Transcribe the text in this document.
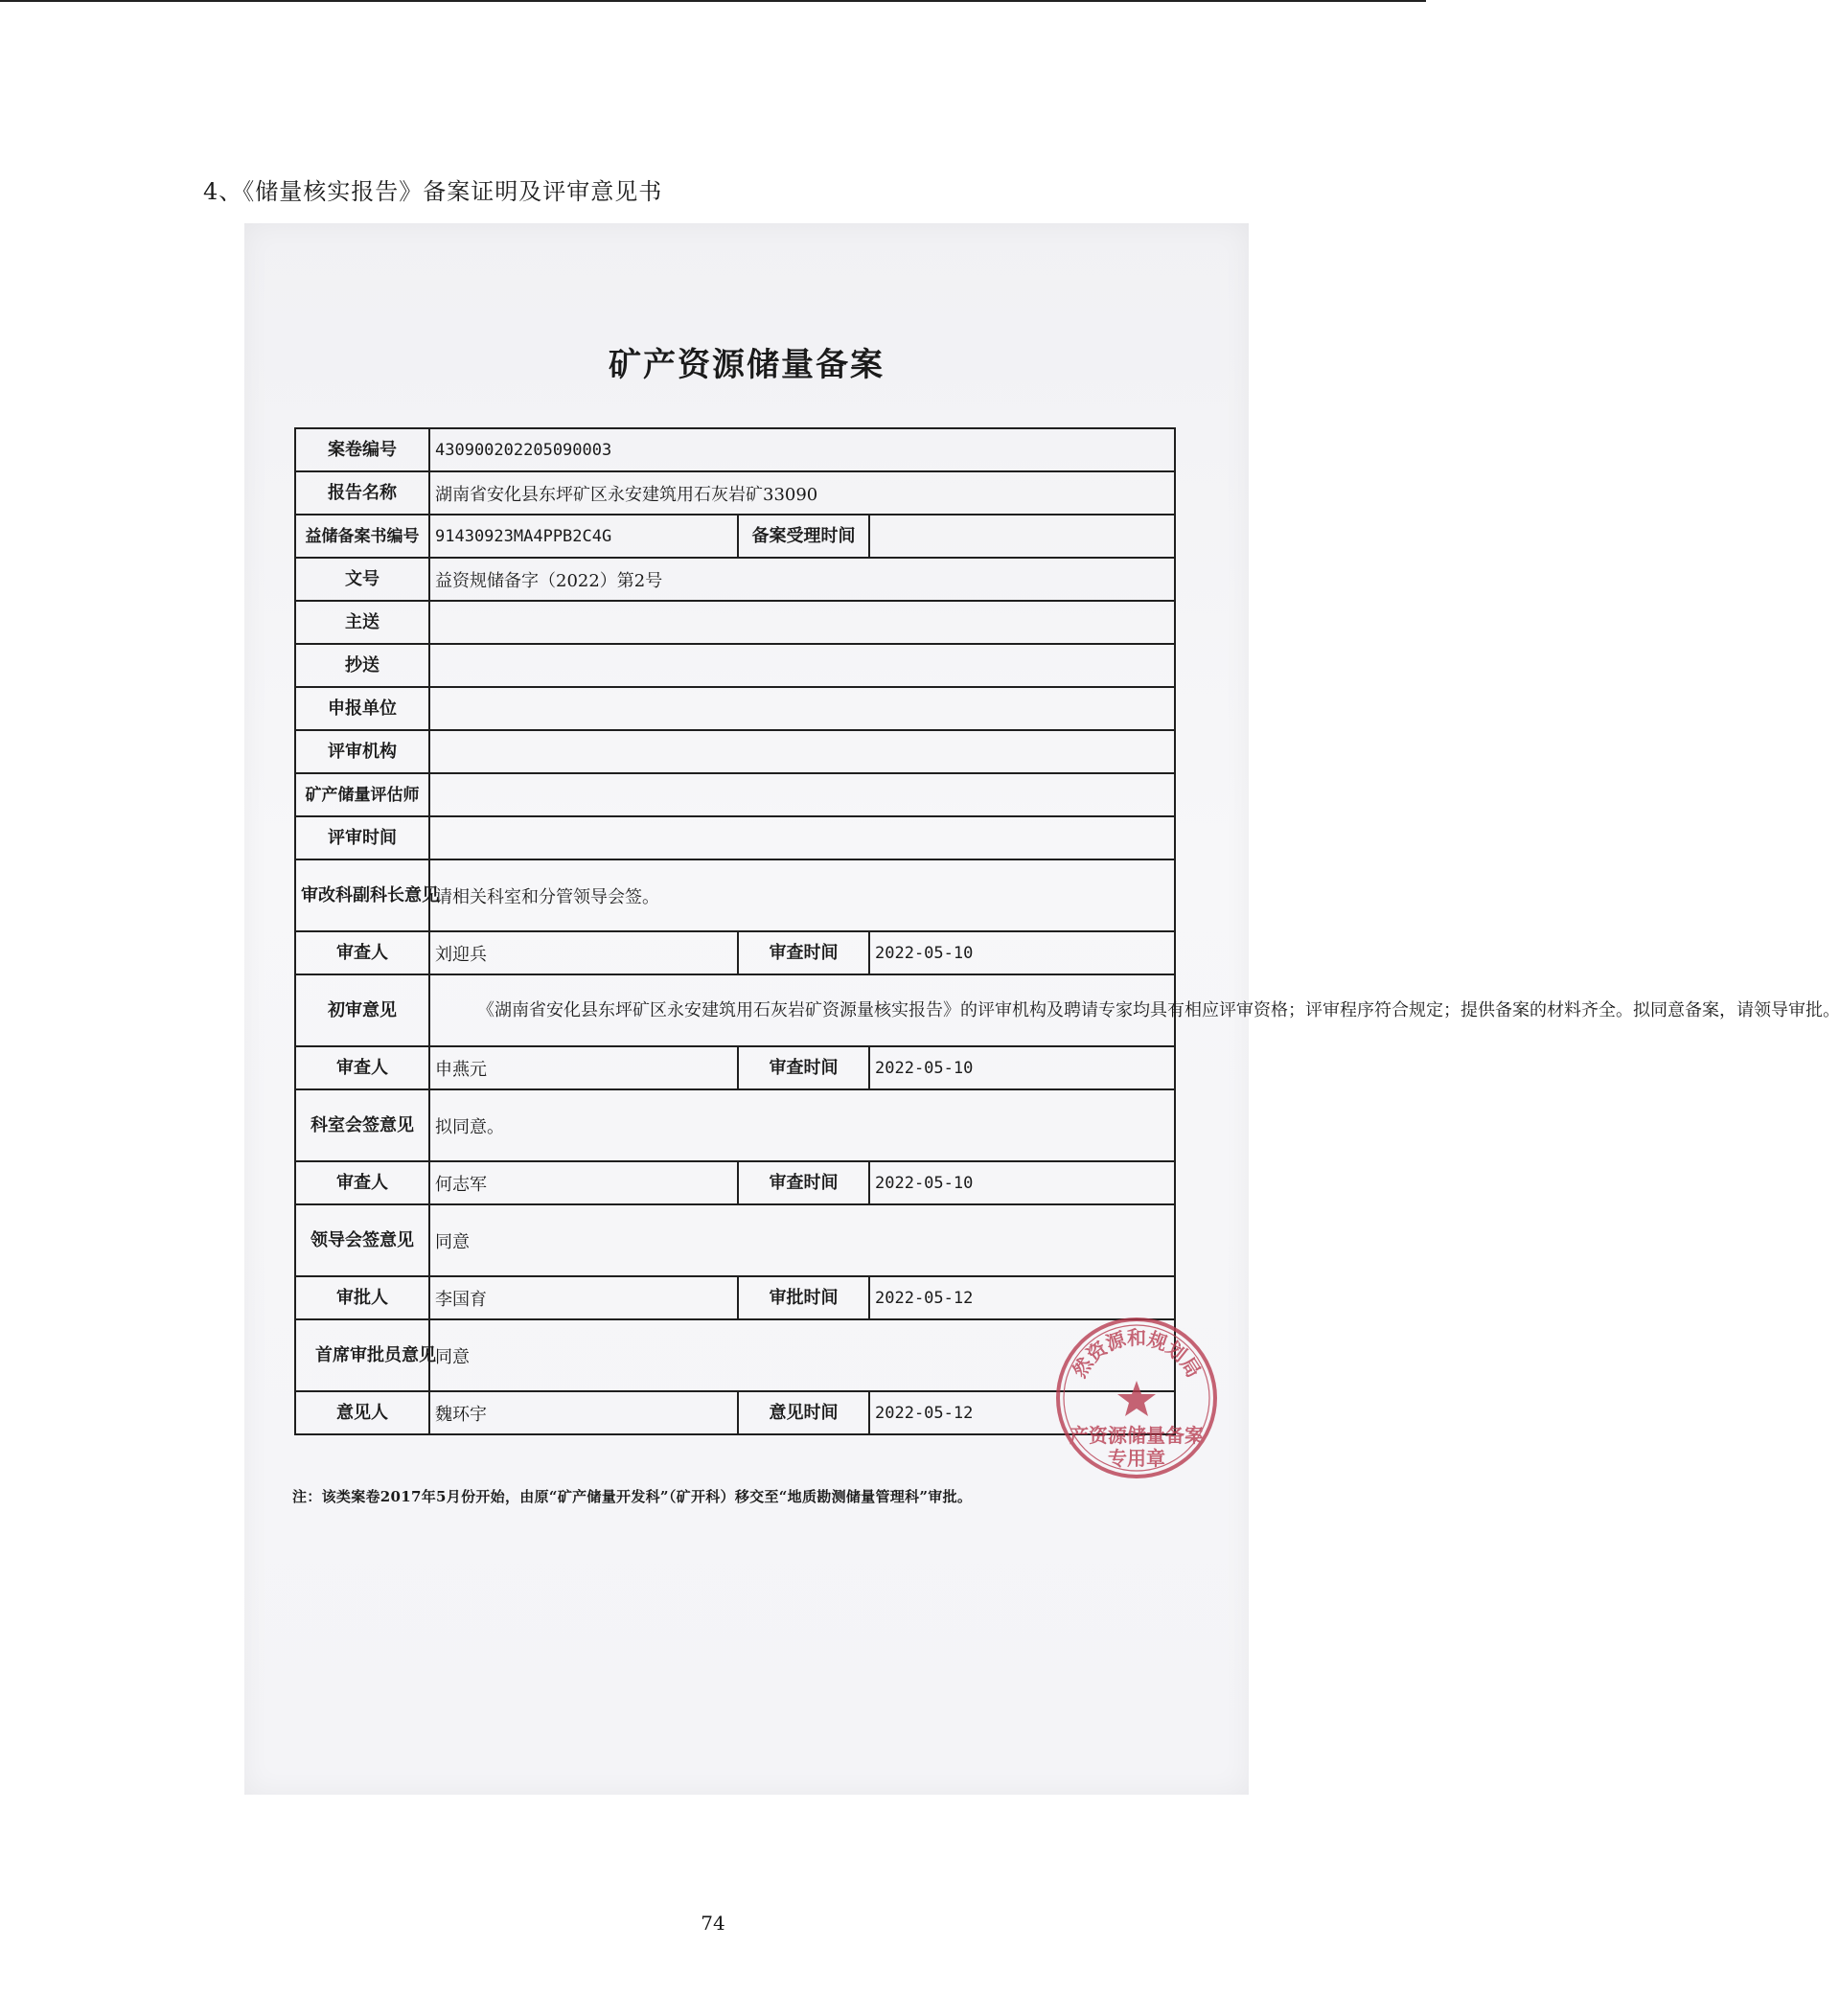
4、《储量核实报告》备案证明及评审意见书
矿产资源储量备案
案卷编号	430900202205090003		
报告名称	湖南省安化县东坪矿区永安建筑用石灰岩矿33090		
益储备案书编号	91430923MA4PPB2C4G	备案受理时间	
文号	益资规储备字（2022）第2号		
主送			
抄送			
申报单位			
评审机构			
矿产储量评估师			
评审时间			
审改科副科长意见	请相关科室和分管领导会签。		
审查人	刘迎兵	审查时间	2022-05-10
初审意见	《湖南省安化县东坪矿区永安建筑用石灰岩矿资源量核实报告》的评审机构及聘请专家均具有相应评审资格；评审程序符合规定；提供备案的材料齐全。拟同意备案，请领导审批。		
审查人	申燕元	审查时间	2022-05-10
科室会签意见	拟同意。		
审查人	何志军	审查时间	2022-05-10
领导会签意见	同意		
审批人	李国育	审批时间	2022-05-12
首席审批员意见	同意		
意见人	魏环宇	意见时间	2022-05-12
注：该类案卷2017年5月份开始，由原“矿产储量开发科”（矿开科）移交至“地质勘测储量管理科”审批。
然资源和规划局
产资源储量备案
专用章
74
